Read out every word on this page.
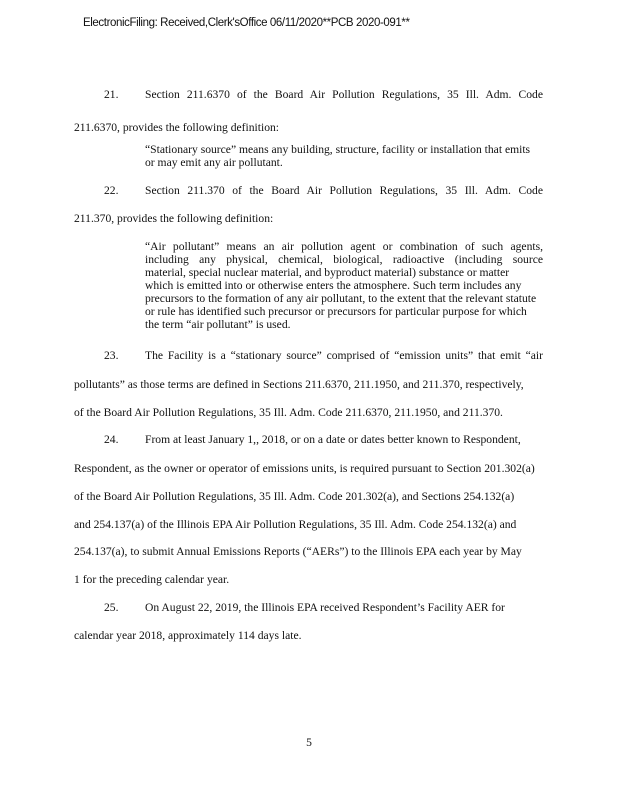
ElectronicFiling: Received,Clerk'sOffice 06/11/2020**PCB 2020-091**
21.	Section 211.6370 of the Board Air Pollution Regulations, 35 Ill. Adm. Code
211.6370, provides the following definition:
“Stationary source” means any building, structure, facility or installation that emits
or may emit any air pollutant.
22.	Section 211.370 of the Board Air Pollution Regulations, 35 Ill. Adm. Code
211.370, provides the following definition:
“Air pollutant” means an air pollution agent or combination of such agents,
including any physical, chemical, biological, radioactive (including source
material, special nuclear material, and byproduct material) substance or matter
which is emitted into or otherwise enters the atmosphere. Such term includes any
precursors to the formation of any air pollutant, to the extent that the relevant statute
or rule has identified such precursor or precursors for particular purpose for which
the term “air pollutant” is used.
23.	The Facility is a “stationary source” comprised of “emission units” that emit “air
pollutants” as those terms are defined in Sections 211.6370, 211.1950, and 211.370, respectively,
of the Board Air Pollution Regulations, 35 Ill. Adm. Code 211.6370, 211.1950, and 211.370.
24.	From at least January 1,, 2018, or on a date or dates better known to Respondent,
Respondent, as the owner or operator of emissions units, is required pursuant to Section 201.302(a)
of the Board Air Pollution Regulations, 35 Ill. Adm. Code 201.302(a), and Sections 254.132(a)
and 254.137(a) of the Illinois EPA Air Pollution Regulations, 35 Ill. Adm. Code 254.132(a) and
254.137(a), to submit Annual Emissions Reports (“AERs”) to the Illinois EPA each year by May
1 for the preceding calendar year.
25.	On August 22, 2019, the Illinois EPA received Respondent’s Facility AER for
calendar year 2018, approximately 114 days late.
5
